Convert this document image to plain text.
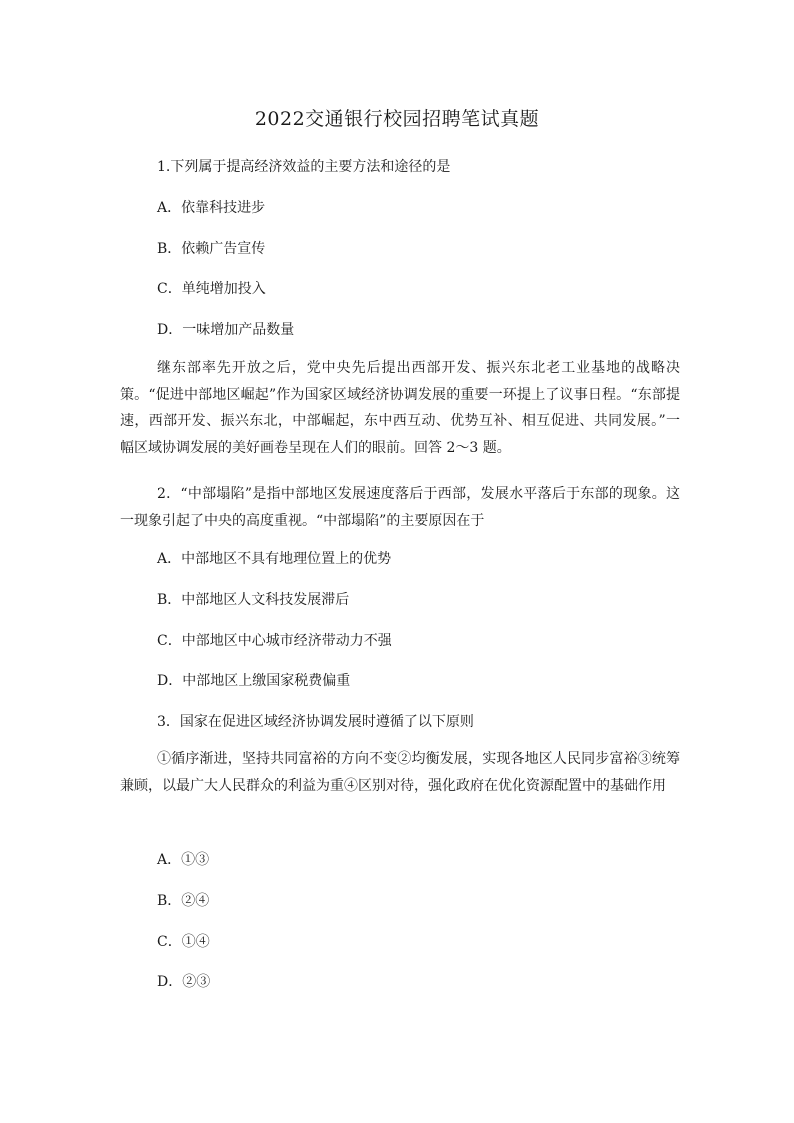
2022交通银行校园招聘笔试真题
1.下列属于提高经济效益的主要方法和途径的是
A．依靠科技进步
B．依赖广告宣传
C．单纯增加投入
D．一味增加产品数量
继东部率先开放之后，党中央先后提出西部开发、振兴东北老工业基地的战略决策。“促进中部地区崛起”作为国家区域经济协调发展的重要一环提上了议事日程。“东部提速，西部开发、振兴东北，中部崛起，东中西互动、优势互补、相互促进、共同发展。”一幅区域协调发展的美好画卷呈现在人们的眼前。回答 2～3 题。
2．“中部塌陷”是指中部地区发展速度落后于西部，发展水平落后于东部的现象。这一现象引起了中央的高度重视。“中部塌陷”的主要原因在于
A．中部地区不具有地理位置上的优势
B．中部地区人文科技发展滞后
C．中部地区中心城市经济带动力不强
D．中部地区上缴国家税费偏重
3．国家在促进区域经济协调发展时遵循了以下原则
①循序渐进，坚持共同富裕的方向不变②均衡发展，实现各地区人民同步富裕③统筹兼顾，以最广大人民群众的利益为重④区别对待，强化政府在优化资源配置中的基础作用
A．①③
B．②④
C．①④
D．②③
